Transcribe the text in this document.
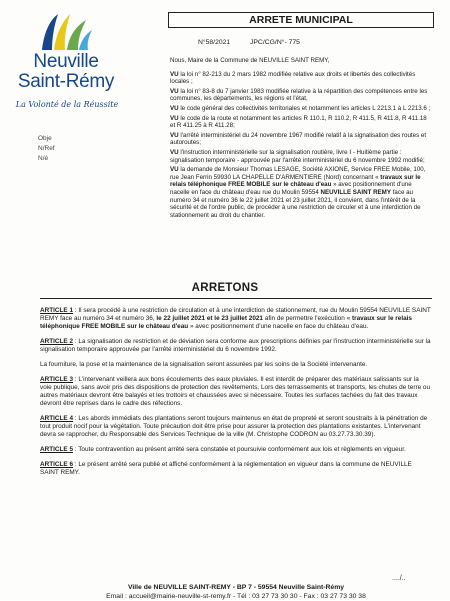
Neuville
Saint-Rémy
La Volonté de la Réussite
Obje
N/Ref
N/é
ARRETE MUNICIPAL
N°58/2021	JPC/CG/N°- 775

Nous, Maire de la Commune de NEUVILLE SAINT REMY,

VU la loi n° 82-213 du 2 mars 1982 modifiée relative aux droits et libertés des collectivités locales ;

VU la loi n° 83-8 du 7 janvier 1983 modifiée relative à la répartition des compétences entre les communes, les départements, les régions et l'état,

VU le code général des collectivités territoriales et notamment les articles L 2213.1 à L 2213.6 ;

VU le code de la route et notamment les articles R 110.1, R 110.2, R 411.5, R 411.8, R 411.18 et R 411.25 à R 411.28;

VU l'arrêté interministériel du 24 novembre 1967 modifié relatif à la signalisation des routes et autoroutes;

VU l'instruction interministérielle sur la signalisation routière, livre I - Huitième partie : signalisation temporaire - approuvée par l'arrêté interministériel du 6 novembre 1992 modifié;

VU la demande de Monsieur Thomas LESAGE, Société AXIONE, Service FREE Mobile, 100, rue Jean Ferrin 59930 LA CHAPELLE D'ARMENTIERE (Nord) concernant « travaux sur le relais téléphonique FREE MOBILE sur le château d'eau » avec positionnement d'une nacelle en face du château d'eau rue du Moulin 59554 NEUVILLE SAINT REMY face au numéro 34 et numéro 36 le 22 juillet 2021 et 23 juillet 2021, il convient, dans l'intérêt de la sécurité et de l'ordre public, de procéder à une restriction de circuler et à une interdiction de stationnement au droit du chantier.

ARRETONS

ARTICLE 1 : Il sera procédé à une restriction de circulation et à une interdiction de stationnement, rue du Moulin 59554 NEUVILLE SAINT REMY face au numéro 34 et numéro 36, le 22 juillet 2021 et le 23 juillet 2021 afin de permettre l'exécution « travaux sur le relais téléphonique FREE MOBILE sur le château d'eau » avec positionnement d'une nacelle en face du château d'eau.

ARTICLE 2 : La signalisation de restriction et de déviation sera conforme aux prescriptions définies par l'instruction interministérielle sur la signalisation temporaire approuvée par l'arrêté interministériel du 6 novembre 1992.

La fourniture, la pose et la maintenance de la signalisation seront assurées par les soins de la Société intervenante.

ARTICLE 3 : L'intervenant veillera aux bons écoulements des eaux pluviales. Il est interdit de préparer des matériaux salissants sur la voie publique, sans avoir pris des dispositions de protection des revêtements. Lors des terrassements et transports, les chutes de terre ou autres matériaux devront être balayés et les trottoirs et chaussées avec si nécessaire. Toutes les surfaces tachées du fait des travaux devront être reprises dans le cadre des réfections.

ARTICLE 4 : Les abords immédiats des plantations seront toujours maintenus en état de propreté et seront soustraits à la pénétration de tout produit nocif pour la végétation. Toute précaution doit être prise pour assurer la protection des plantations existantes. L'intervenant devra se rapprocher, du Responsable des Services Technique de la ville (M. Christophe CODRON au 03.27.73.30.39).

ARTICLE 5 : Toute contravention au présent arrêté sera constatée et poursuivie conformément aux lois et règlements en vigueur.

ARTICLE 6 : Le présent arrêté sera publié et affiché conformément à la réglementation en vigueur dans la commune de NEUVILLE SAINT REMY.

..../..
Ville de NEUVILLE SAINT-REMY - BP 7 - 59554 Neuville Saint-Rémy
Email : accueil@mairie-neuville-st-remy.fr - Tél : 03 27 73 30 30 - Fax : 03 27 73 30 38
